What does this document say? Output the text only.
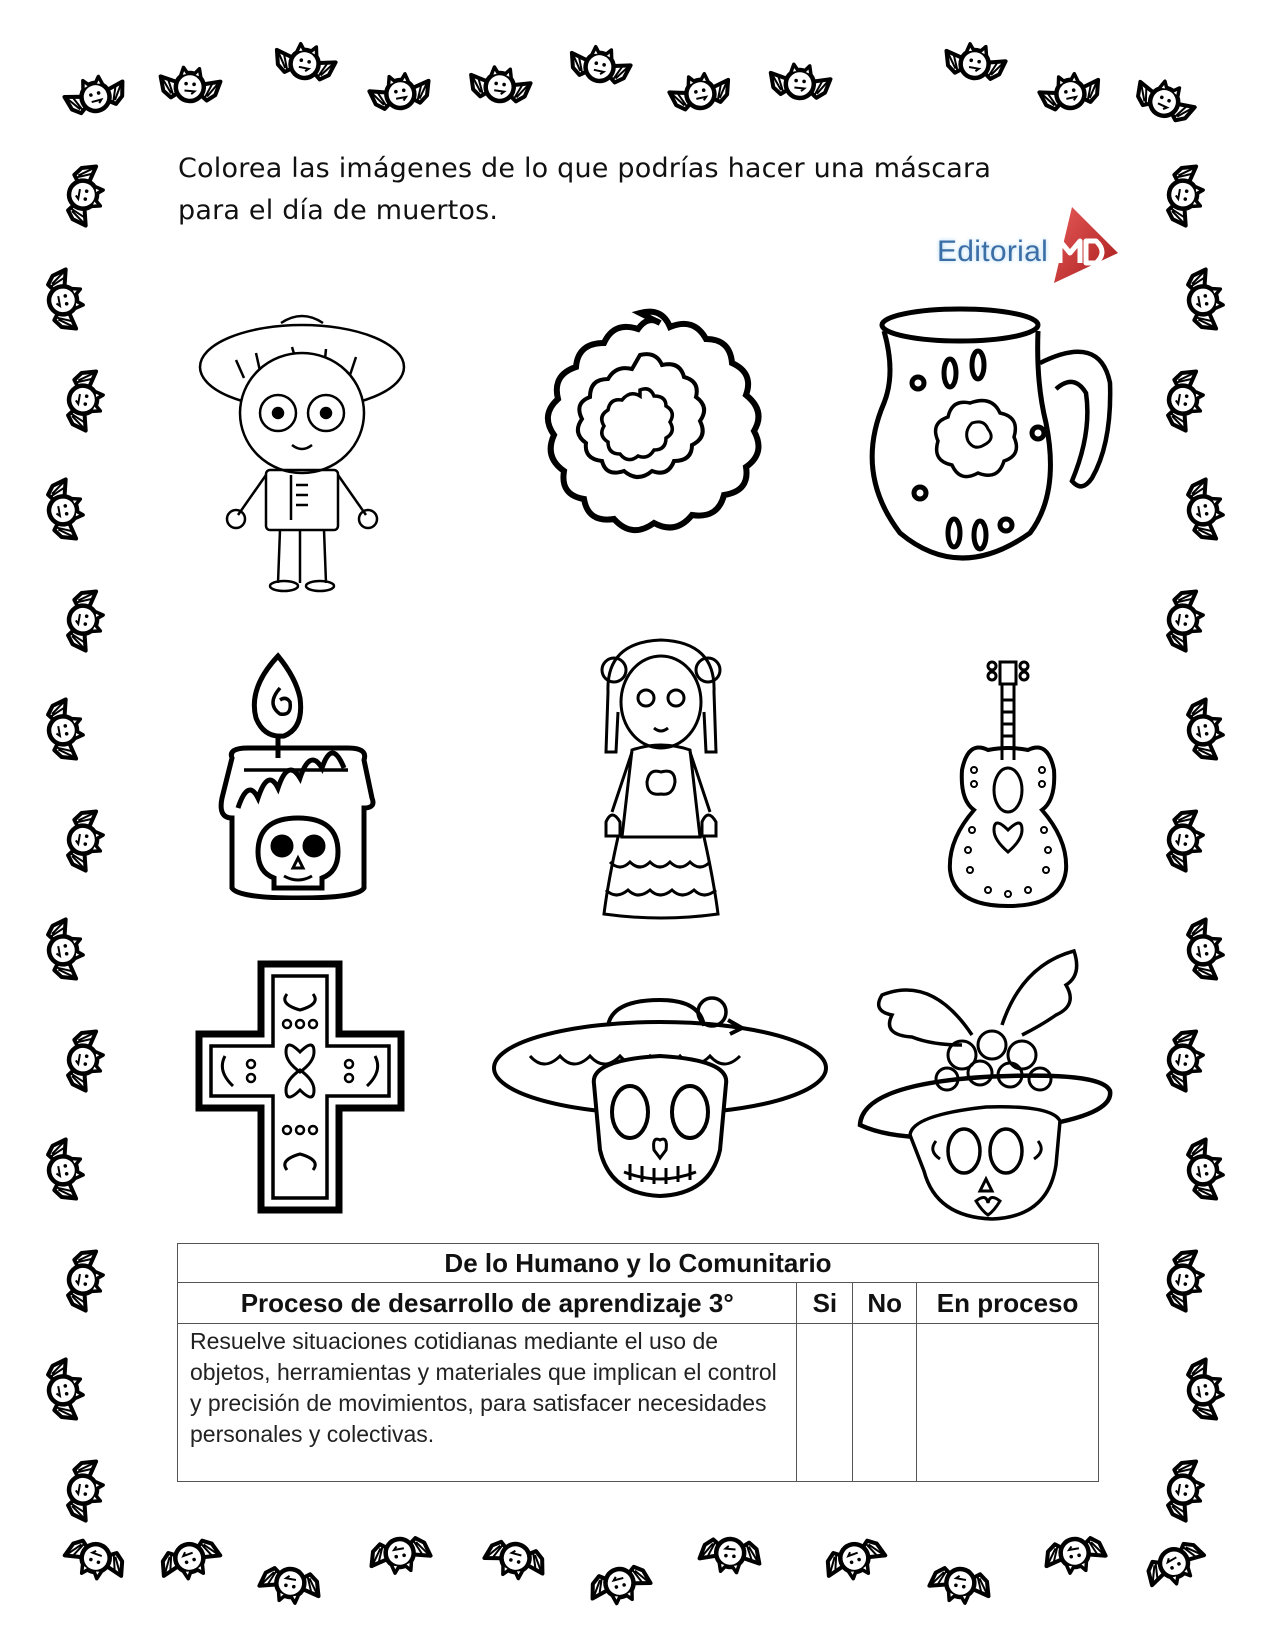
Colorea las imágenes de lo que podrías hacer una máscara
para el día de muertos.
Editorial
De lo Humano y lo Comunitario			
Proceso de desarrollo de aprendizaje 3°	Si	No	En proceso
Resuelve situaciones cotidianas mediante el uso de objetos, herramientas y materiales que implican el control y precisión de movimientos, para satisfacer necesidades personales y colectivas.			
